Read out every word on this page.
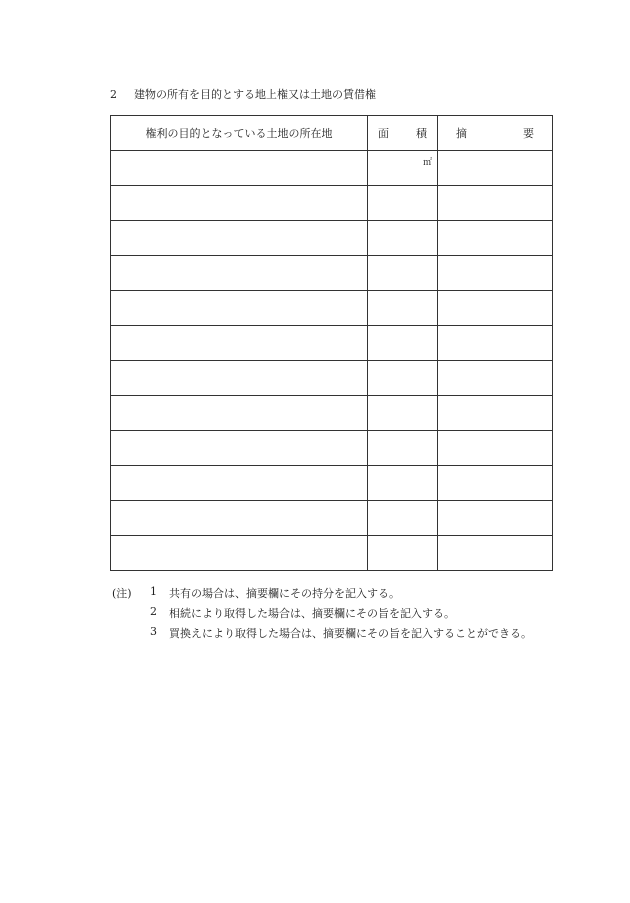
2 建物の所有を目的とする地上権又は土地の賃借権
権利の目的となっている土地の所在地	面 積	摘 要

	㎡	

(注)	1	共有の場合は、摘要欄にその持分を記入する。
2	相続により取得した場合は、摘要欄にその旨を記入する。
3	買換えにより取得した場合は、摘要欄にその旨を記入することができる。
